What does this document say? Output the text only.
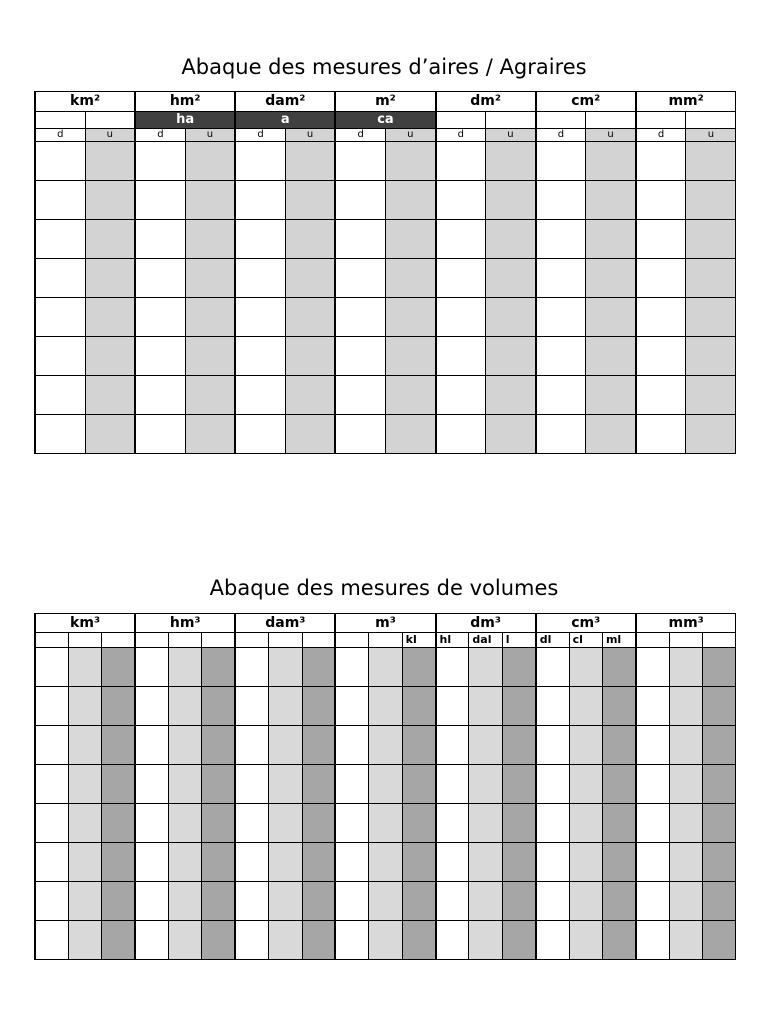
Abaque des mesures d’aires / Agraires
km²		hm²		dam²		m²		dm²		cm²		mm²	
		ha		a		ca							
d	u	d	u	d	u	d	u	d	u	d	u	d	u

Abaque des mesures de volumes
km³			hm³			dam³			m³			dm³			cm³			mm³		
											kl	hl	dal	l	dl	cl	ml			
